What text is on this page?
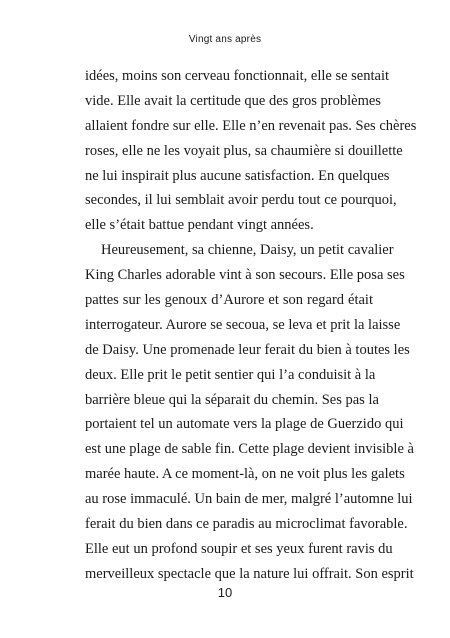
Vingt ans après
idées, moins son cerveau fonctionnait, elle se sentait
vide. Elle avait la certitude que des gros problèmes
allaient fondre sur elle. Elle n’en revenait pas. Ses chères
roses, elle ne les voyait plus, sa chaumière si douillette
ne lui inspirait plus aucune satisfaction. En quelques
secondes, il lui semblait avoir perdu tout ce pourquoi,
elle s’était battue pendant vingt années.
Heureusement, sa chienne, Daisy, un petit cavalier
King Charles adorable vint à son secours. Elle posa ses
pattes sur les genoux d’Aurore et son regard était
interrogateur. Aurore se secoua, se leva et prit la laisse
de Daisy. Une promenade leur ferait du bien à toutes les
deux. Elle prit le petit sentier qui l’a conduisit à la
barrière bleue qui la séparait du chemin. Ses pas la
portaient tel un automate vers la plage de Guerzido qui
est une plage de sable fin. Cette plage devient invisible à
marée haute. A ce moment-là, on ne voit plus les galets
au rose immaculé. Un bain de mer, malgré l’automne lui
ferait du bien dans ce paradis au microclimat favorable.
Elle eut un profond soupir et ses yeux furent ravis du
merveilleux spectacle que la nature lui offrait. Son esprit
10
